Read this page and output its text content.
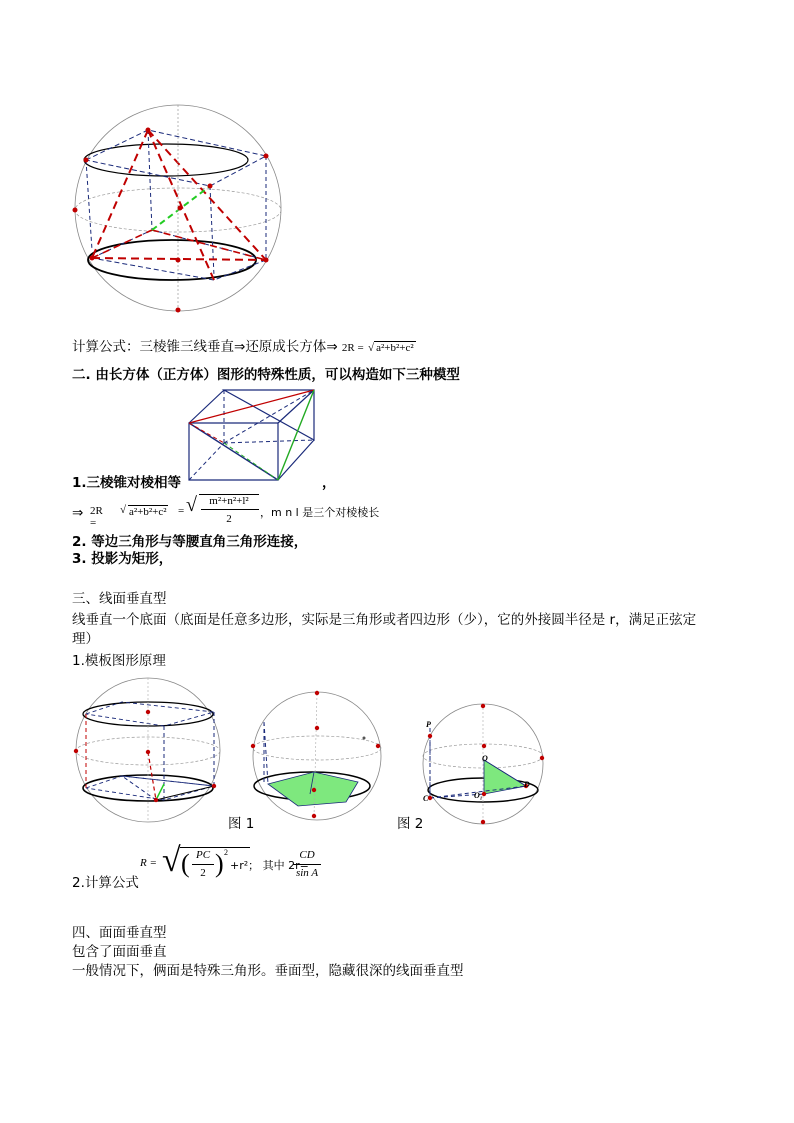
计算公式：三棱锥三线垂直⇒还原成长方体⇒ 2R = √ a²+b²+c²
二. 由长方体（正方体）图形的特殊性质，可以构造如下三种模型
1.三棱锥对棱相等	，
⇒ 2R =
√ a²+b²+c² = √	m²+n²+l²
2	，m n l 是三个对棱棱长
2. 等边三角形与等腰直角三角形连接，
3. 投影为矩形，
三、线面垂直型
线垂直一个底面（底面是任意多边形，实际是三角形或者四边形（少），它的外接圆半径是 r，满足正弦定
理）
1.模板图形原理
P
O
C
D
O₁
图 1	图 2
2.计算公式
R = √ ( PC
2 ) 2
+r²； 其中 2r=
CD
sin A
四、面面垂直型
包含了面面垂直
一般情况下，俩面是特殊三角形。垂面型，隐藏很深的线面垂直型
